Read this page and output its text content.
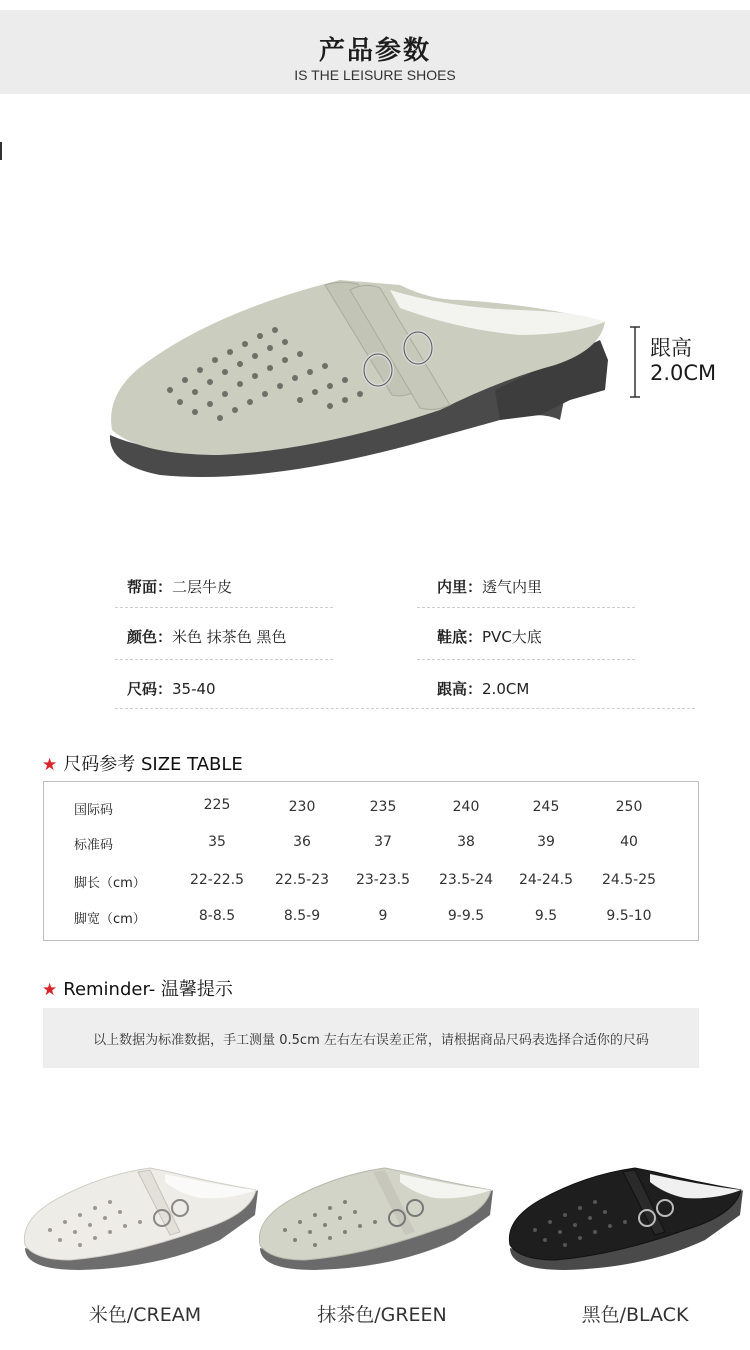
产品参数
IS THE LEISURE SHOES
跟高
2.0CM
帮面：二层牛皮	内里：透气内里
颜色：米色 抹茶色 黑色	鞋底：PVC大底
尺码：35-40	跟高：2.0CM
★ 尺码参考 SIZE TABLE
国际码	225	230	235	240	245	250
标准码	35	36	37	38	39	40
脚长（cm）	22-22.5	22.5-23	23-23.5	23.5-24	24-24.5	24.5-25
脚宽（cm）	8-8.5	8.5-9	9	9-9.5	9.5	9.5-10
★ Reminder- 温馨提示
以上数据为标准数据，手工测量 0.5cm 左右左右误差正常，请根据商品尺码表选择合适你的尺码
米色/CREAM	抹茶色/GREEN	黑色/BLACK
